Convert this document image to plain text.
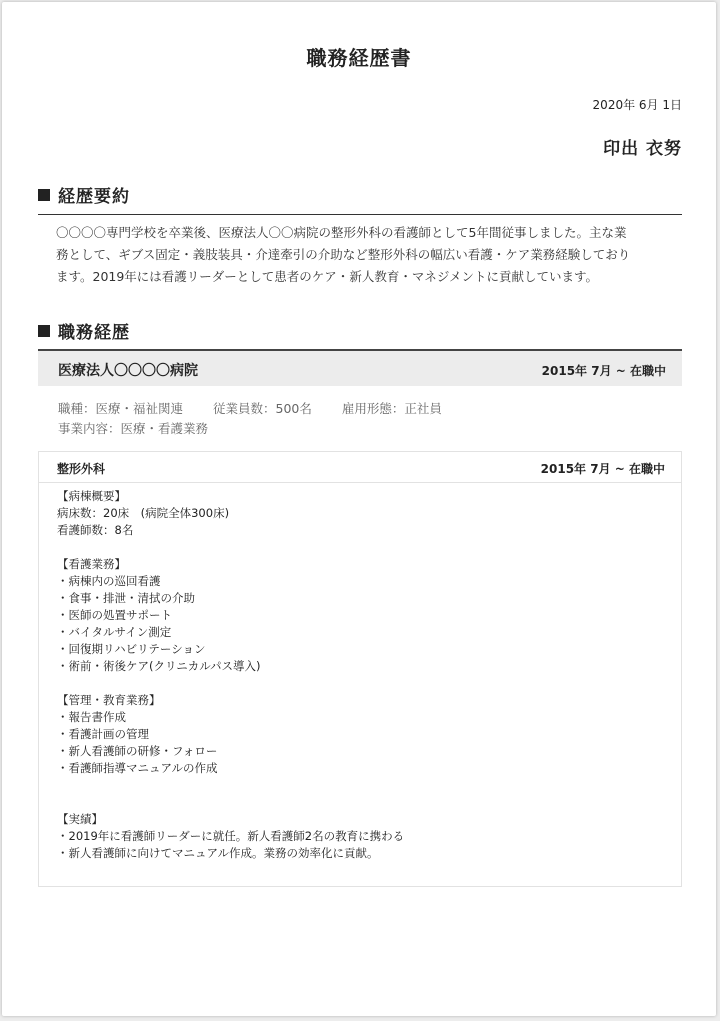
職務経歴書
2020年 6月 1日
印出 衣努
経歴要約
〇〇〇〇専門学校を卒業後、医療法人〇〇病院の整形外科の看護師として5年間従事しました。主な業
務として、ギブス固定・義肢装具・介達牽引の介助など整形外科の幅広い看護・ケア業務経験しており
ます。2019年には看護リーダーとして患者のケア・新人教育・マネジメントに貢献しています。
職務経歴
医療法人〇〇〇〇病院	2015年 7月 ~ 在職中
職種：医療・福祉関連 従業員数：500名 雇用形態：正社員
事業内容：医療・看護業務
整形外科	2015年 7月 ~ 在職中
【病棟概要】
病床数：20床　(病院全体300床)
看護師数：8名
【看護業務】
・病棟内の巡回看護
・食事・排泄・清拭の介助
・医師の処置サポート
・バイタルサイン測定
・回復期リハビリテーション
・術前・術後ケア(クリニカルパス導入)
【管理・教育業務】
・報告書作成
・看護計画の管理
・新人看護師の研修・フォロー
・看護師指導マニュアルの作成
【実績】
・2019年に看護師リーダーに就任。新人看護師2名の教育に携わる
・新人看護師に向けてマニュアル作成。業務の効率化に貢献。
